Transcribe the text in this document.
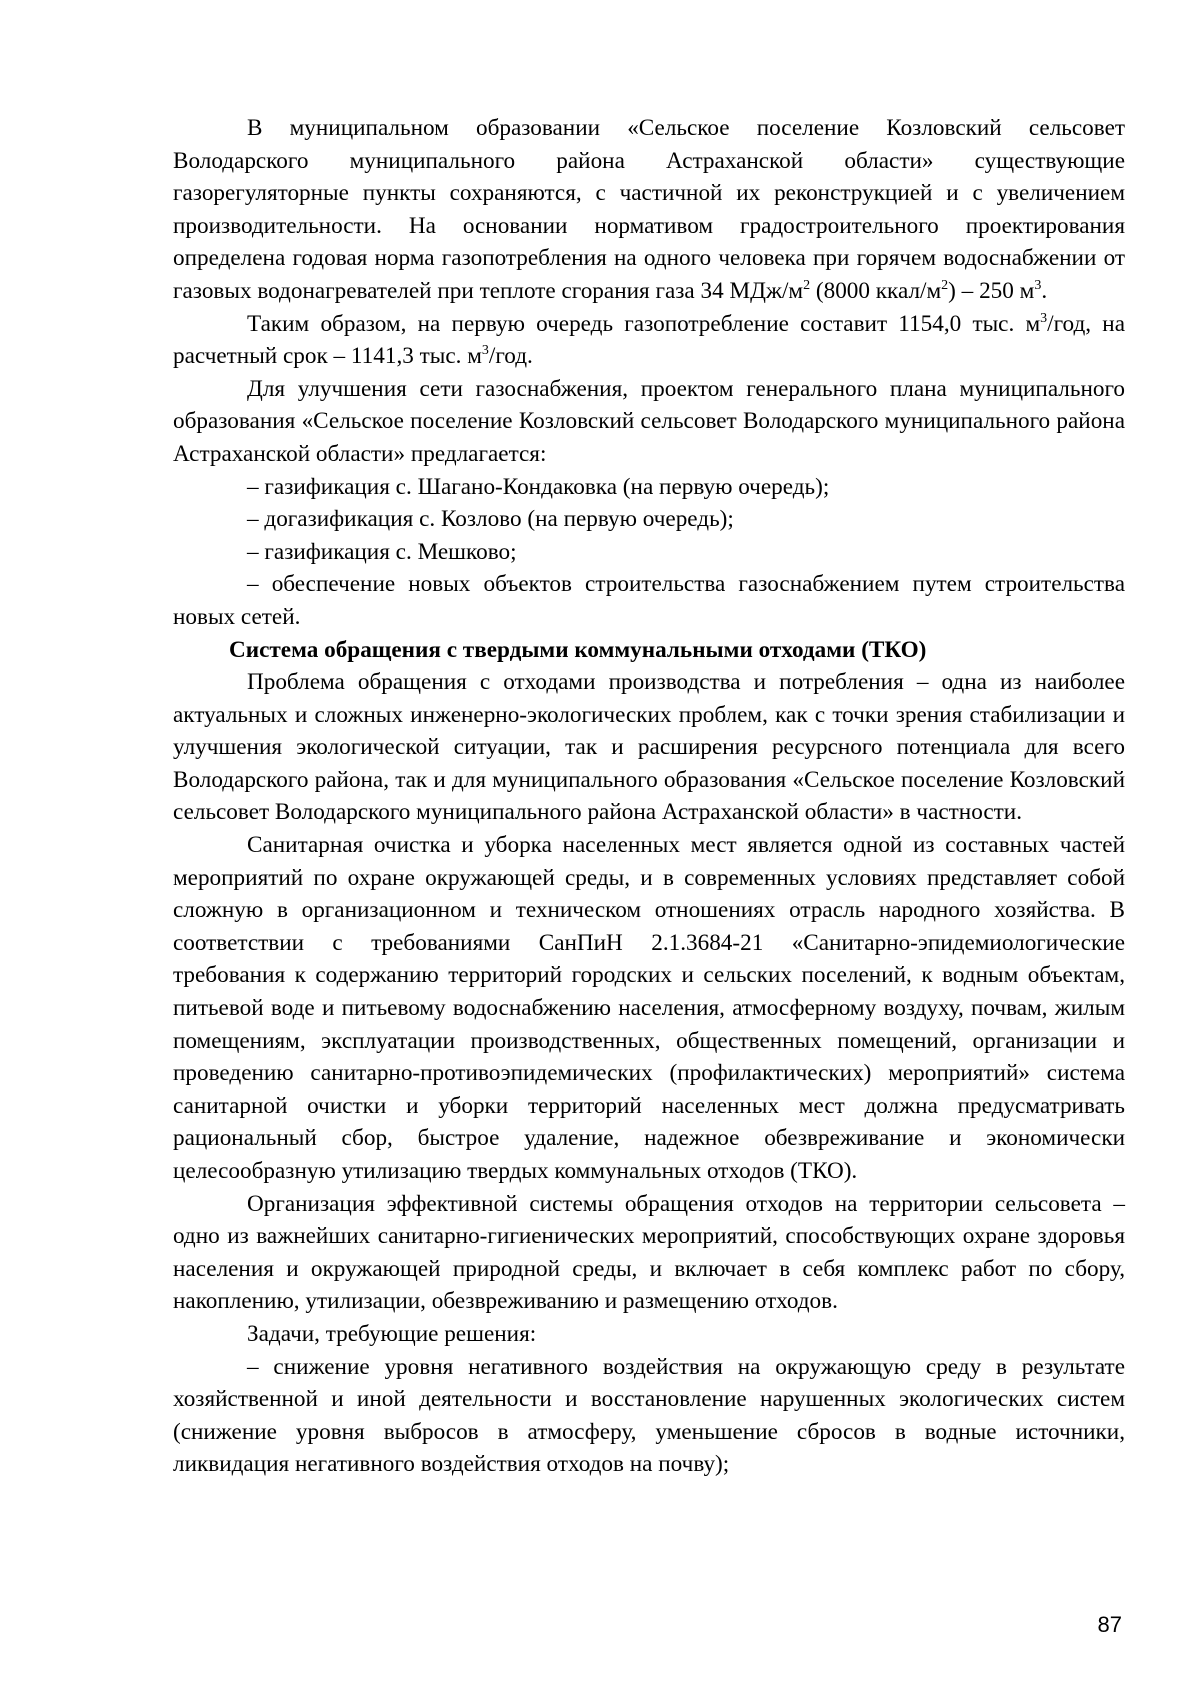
В муниципальном образовании «Сельское поселение Козловский сельсовет Володарского муниципального района Астраханской области» существующие газорегуляторные пункты сохраняются, с частичной их реконструкцией и с увеличением производительности. На основании нормативом градостроительного проектирования определена годовая норма газопотребления на одного человека при горячем водоснабжении от газовых водонагревателей при теплоте сгорания газа 34 МДж/$м^2$ (8000 ккал/$м^2) - 250$ $м^3$.

Таким образом, на первую очередь газопотребление составит 1154,0 тыс. $м^3$/год, на расчетный срок – 1141,3 тыс. $м^3$/год.

Для улучшения сети газоснабжения, проектом генерального плана муниципального образования «Сельское поселение Козловский сельсовет Володарского муниципального района Астраханской области» предлагается:

– газификация с. Шагано-Кондаковка (на первую очередь);

– догазификация с. Козлово (на первую очередь);

– газификация с. Мешково;

– обеспечение новых объектов строительства газоснабжением путем строительства новых сетей.

Система обращения с твердыми коммунальными отходами (ТКО)

Проблема обращения с отходами производства и потребления – одна из наиболее актуальных и сложных инженерно-экологических проблем, как с точки зрения стабилизации и улучшения экологической ситуации, так и расширения ресурсного потенциала для всего Володарского района, так и для муниципального образования «Сельское поселение Козловский сельсовет Володарского муниципального района Астраханской области» в частности.

Санитарная очистка и уборка населенных мест является одной из составных частей мероприятий по охране окружающей среды, и в современных условиях представляет собой сложную в организационном и техническом отношениях отрасль народного хозяйства. В соответствии с требованиями СанПиН 2.1.3684-21 «Санитарно-эпидемиологические требования к содержанию территорий городских и сельских поселений, к водным объектам, питьевой воде и питьевому водоснабжению населения, атмосферному воздуху, почвам, жилым помещениям, эксплуатации производственных, общественных помещений, организации и проведению санитарно-противоэпидемических (профилактических) мероприятий» система санитарной очистки и уборки территорий населенных мест должна предусматривать рациональный сбор, быстрое удаление, надежное обезвреживание и экономически целесообразную утилизацию твердых коммунальных отходов (ТКО).

Организация эффективной системы обращения отходов на территории сельсовета – одно из важнейших санитарно-гигиенических мероприятий, способствующих охране здоровья населения и окружающей природной среды, и включает в себя комплекс работ по сбору, накоплению, утилизации, обезвреживанию и размещению отходов.

Задачи, требующие решения:

– снижение уровня негативного воздействия на окружающую среду в результате хозяйственной и иной деятельности и восстановление нарушенных экологических систем (снижение уровня выбросов в атмосферу, уменьшение сбросов в водные источники, ликвидация негативного воздействия отходов на почву);

87
